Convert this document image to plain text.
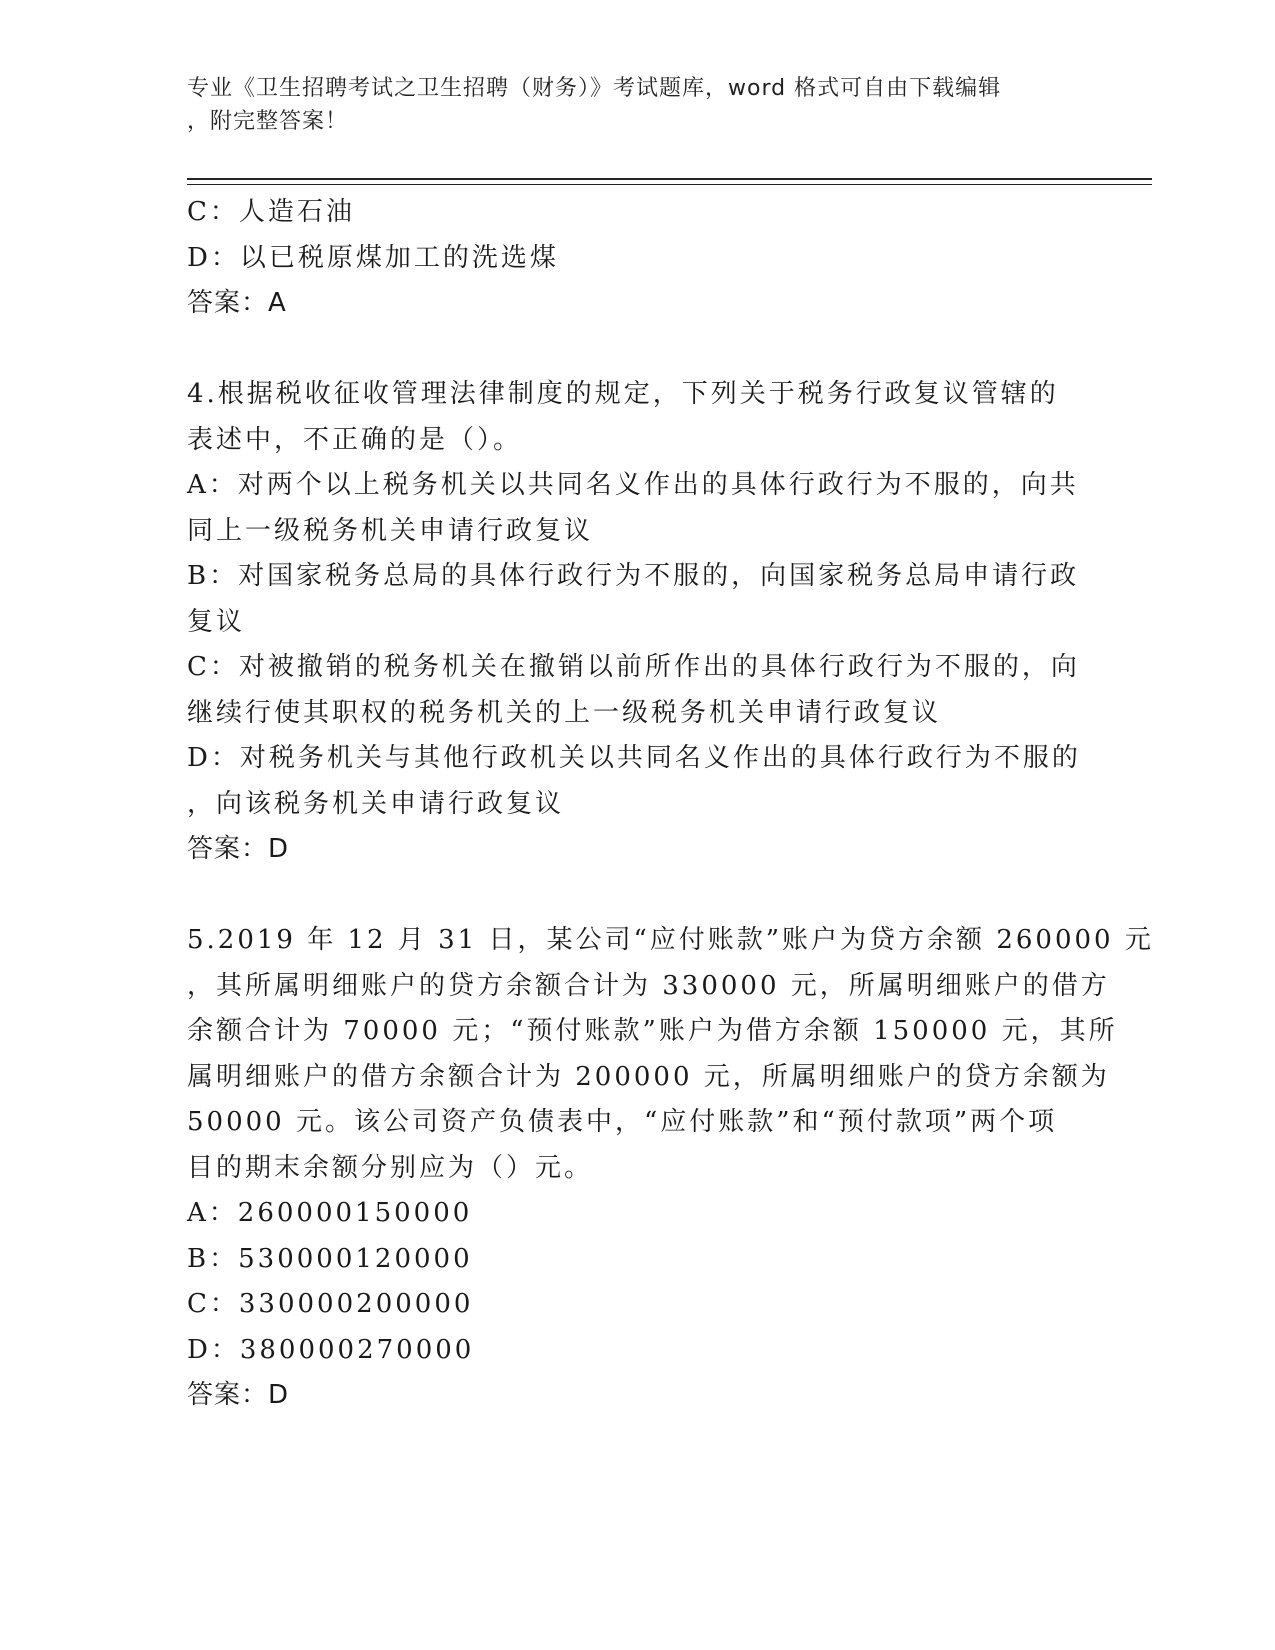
专业《卫生招聘考试之卫生招聘（财务）》考试题库，word 格式可自由下载编辑
，附完整答案！
C：人造石油
D：以已税原煤加工的洗选煤
答案：A
4.根据税收征收管理法律制度的规定，下列关于税务行政复议管辖的
表述中，不正确的是（）。
A：对两个以上税务机关以共同名义作出的具体行政行为不服的，向共
同上一级税务机关申请行政复议
B：对国家税务总局的具体行政行为不服的，向国家税务总局申请行政
复议
C：对被撤销的税务机关在撤销以前所作出的具体行政行为不服的，向
继续行使其职权的税务机关的上一级税务机关申请行政复议
D：对税务机关与其他行政机关以共同名义作出的具体行政行为不服的
，向该税务机关申请行政复议
答案：D
5.2019 年 12 月 31 日，某公司“应付账款”账户为贷方余额 260000 元
，其所属明细账户的贷方余额合计为 330000 元，所属明细账户的借方
余额合计为 70000 元；“预付账款”账户为借方余额 150000 元，其所
属明细账户的借方余额合计为 200000 元，所属明细账户的贷方余额为
50000 元。该公司资产负债表中，“应付账款”和“预付款项”两个项
目的期末余额分别应为（）元。
A：260000150000
B：530000120000
C：330000200000
D：380000270000
答案：D
